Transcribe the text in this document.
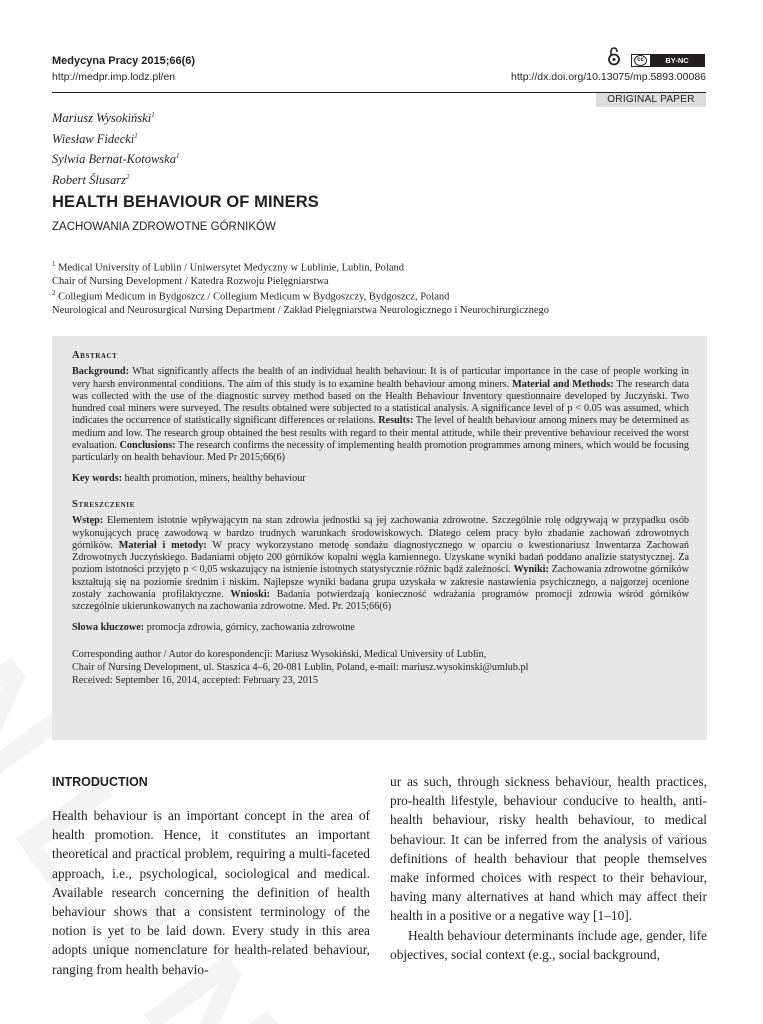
Medycyna Pracy 2015;66(6)
http://medpr.imp.lodz.pl/en
cc	BY-NC
http://dx.doi.org/10.13075/mp.5893.00086
ORIGINAL PAPER
Mariusz Wysokiński$^1$
Wiesław Fidecki$^1$
Sylwia Bernat-Kotowska$^1$
Robert Ślusarz$^2$
HEALTH BEHAVIOUR OF MINERS
ZACHOWANIA ZDROWOTNE GÓRNIKÓW
$^1$ Medical University of Lublin / Uniwersytet Medyczny w Lublinie, Lublin, Poland
Chair of Nursing Development / Katedra Rozwoju Pielęgniarstwa
$^2$ Collegium Medicum in Bydgoszcz / Collegium Medicum w Bydgoszczy, Bydgoszcz, Poland
Neurological and Neurosurgical Nursing Department / Zakład Pielęgniarstwa Neurologicznego i Neurochirurgicznego

Abstract

Background: What significantly affects the health of an individual health behaviour. It is of particular importance in the case of people working in very harsh environmental conditions. The aim of this study is to examine health behaviour among miners. Material and Methods: The research data was collected with the use of the diagnostic survey method based on the Health Behaviour Inventory questionnaire developed by Juczyński. Two hundred coal miners were surveyed. The results obtained were subjected to a statistical analysis. A significance level of p < 0.05 was assumed, which indicates the occurrence of statistically significant differences or relations. Results: The level of health behaviour among miners may be determined as medium and low. The research group obtained the best results with regard to their mental attitude, while their preventive behaviour received the worst evaluation. Conclusions: The research confirms the necessity of implementing health promotion programmes among miners, which would be focusing particularly on health behaviour. Med Pr 2015;66(6)

Key words: health promotion, miners, healthy behaviour

Streszczenie

Wstęp: Elementem istotnie wpływającym na stan zdrowia jednostki są jej zachowania zdrowotne. Szczególnie rolę odgrywają w przypadku osób wykonujących pracę zawodową w bardzo trudnych warunkach środowiskowych. Dlatego celem pracy było zbadanie zachowań zdrowotnych górników. Materiał i metody: W pracy wykorzystano metodę sondażu diagnostycznego w oparciu o kwestionariusz Inwentarza Zachowań Zdrowotnych Juczyńskiego. Badaniami objęto 200 górników kopalni węgla kamiennego. Uzyskane wyniki badań poddano analizie statystycznej. Za poziom istotności przyjęto p < 0,05 wskazujący na istnienie istotnych statystycznie różnic bądź zależności. Wyniki: Zachowania zdrowotne górników kształtują się na poziomie średnim i niskim. Najlepsze wyniki badana grupa uzyskała w zakresie nastawienia psychicznego, a najgorzej ocenione zostały zachowania profilaktyczne. Wnioski: Badania potwierdzają konieczność wdrażania programów promocji zdrowia wśród górników szczególnie ukierunkowanych na zachowania zdrowotne. Med. Pr. 2015;66(6)

Słowa kluczowe: promocja zdrowia, górnicy, zachowania zdrowotne

Corresponding author / Autor do korespondencji: Mariusz Wysokiński, Medical University of Lublin,
Chair of Nursing Development, ul. Staszica 4–6, 20-081 Lublin, Poland, e-mail: mariusz.wysokinski@umlub.pl
Received: September 16, 2014, accepted: February 23, 2015

INTRODUCTION

Health behaviour is an important concept in the area of health promotion. Hence, it constitutes an important theoretical and practical problem, requiring a multi-faceted approach, i.e., psychological, sociological and medical. Available research concerning the definition of health behaviour shows that a consistent terminology of the notion is yet to be laid down. Every study in this area adopts unique nomenclature for health-related behaviour, ranging from health behavio-

ur as such, through sickness behaviour, health practices, pro-health lifestyle, behaviour conducive to health, anti-health behaviour, risky health behaviour, to medical behaviour. It can be inferred from the analysis of various definitions of health behaviour that people themselves make informed choices with respect to their behaviour, having many alternatives at hand which may affect their health in a positive or a negative way [1–10].

Health behaviour determinants include age, gender, life objectives, social context (e.g., social background,
